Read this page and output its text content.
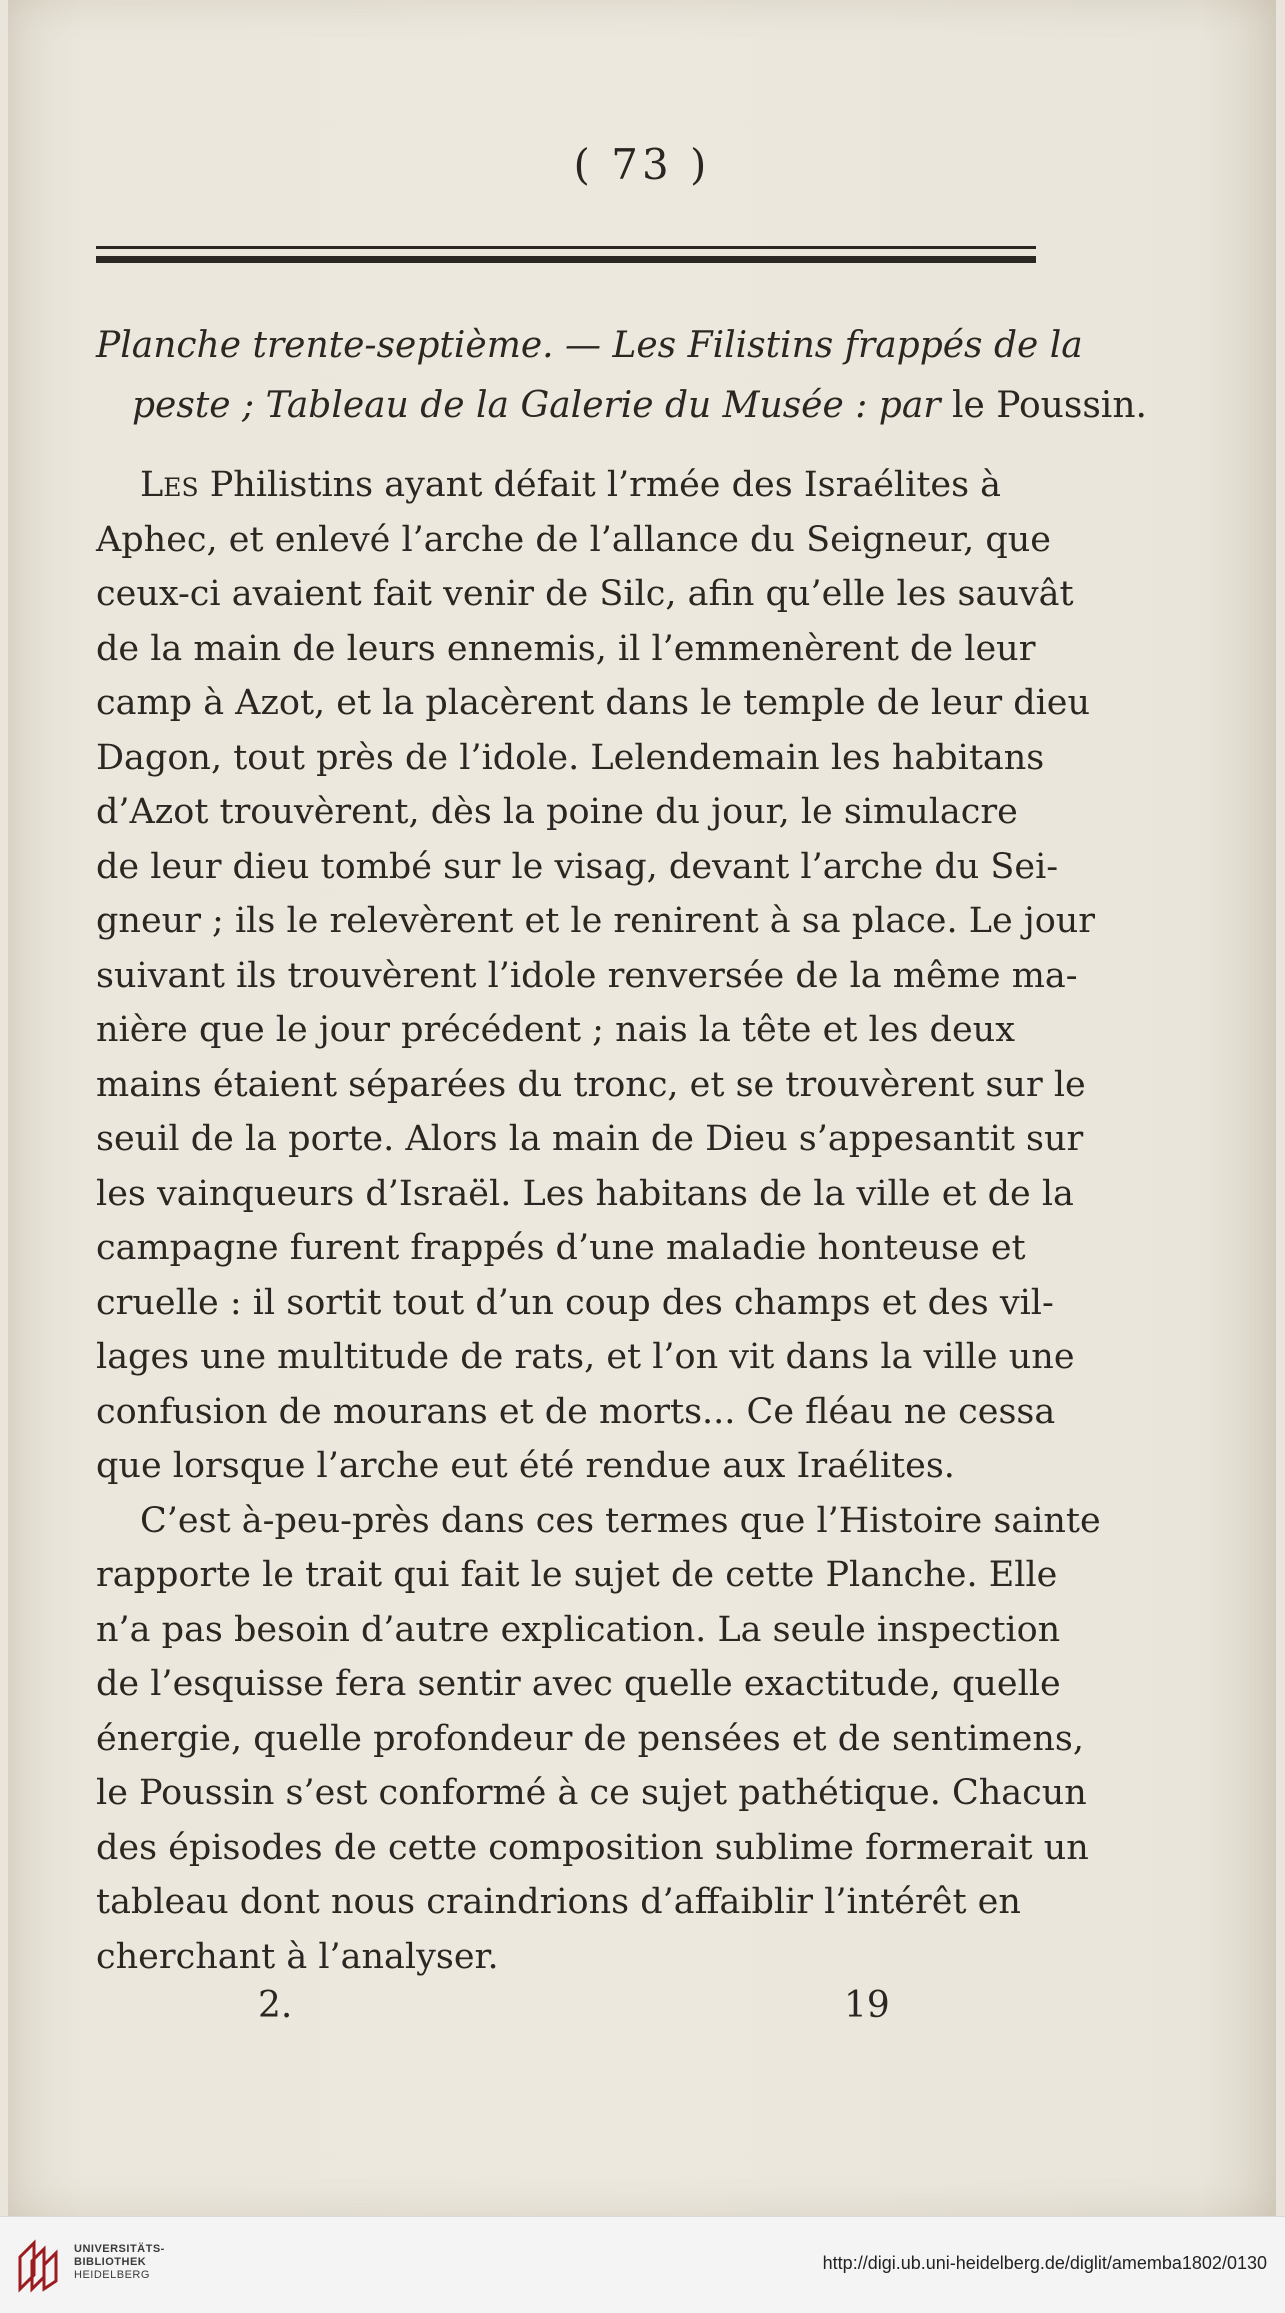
( 73 )
Planche trente-septième. — Les Filistins frappés de la
peste ; Tableau de la Galerie du Musée : par le Poussin.
Les Philistins ayant défait l’rmée des Israélites à
Aphec, et enlevé l’arche de l’allance du Seigneur, que
ceux-ci avaient fait venir de Silc, afin qu’elle les sauvât
de la main de leurs ennemis, il l’emmenèrent de leur
camp à Azot, et la placèrent dans le temple de leur dieu
Dagon, tout près de l’idole. Lelendemain les habitans
d’Azot trouvèrent, dès la poine du jour, le simulacre
de leur dieu tombé sur le visag, devant l’arche du Sei-
gneur ; ils le relevèrent et le renirent à sa place. Le jour
suivant ils trouvèrent l’idole renversée de la même ma-
nière que le jour précédent ; nais la tête et les deux
mains étaient séparées du tronc, et se trouvèrent sur le
seuil de la porte. Alors la main de Dieu s’appesantit sur
les vainqueurs d’Israël. Les habitans de la ville et de la
campagne furent frappés d’une maladie honteuse et
cruelle : il sortit tout d’un coup des champs et des vil-
lages une multitude de rats, et l’on vit dans la ville une
confusion de mourans et de morts... Ce fléau ne cessa
que lorsque l’arche eut été rendue aux Iraélites.
C’est à-peu-près dans ces termes que l’Histoire sainte
rapporte le trait qui fait le sujet de cette Planche. Elle
n’a pas besoin d’autre explication. La seule inspection
de l’esquisse fera sentir avec quelle exactitude, quelle
énergie, quelle profondeur de pensées et de sentimens,
le Poussin s’est conformé à ce sujet pathétique. Chacun
des épisodes de cette composition sublime formerait un
tableau dont nous craindrions d’affaiblir l’intérêt en
cherchant à l’analyser.
2.	19
UNIVERSITÄTS-
BIBLIOTHEK
HEIDELBERG
http://digi.ub.uni-heidelberg.de/diglit/amemba1802/0130
